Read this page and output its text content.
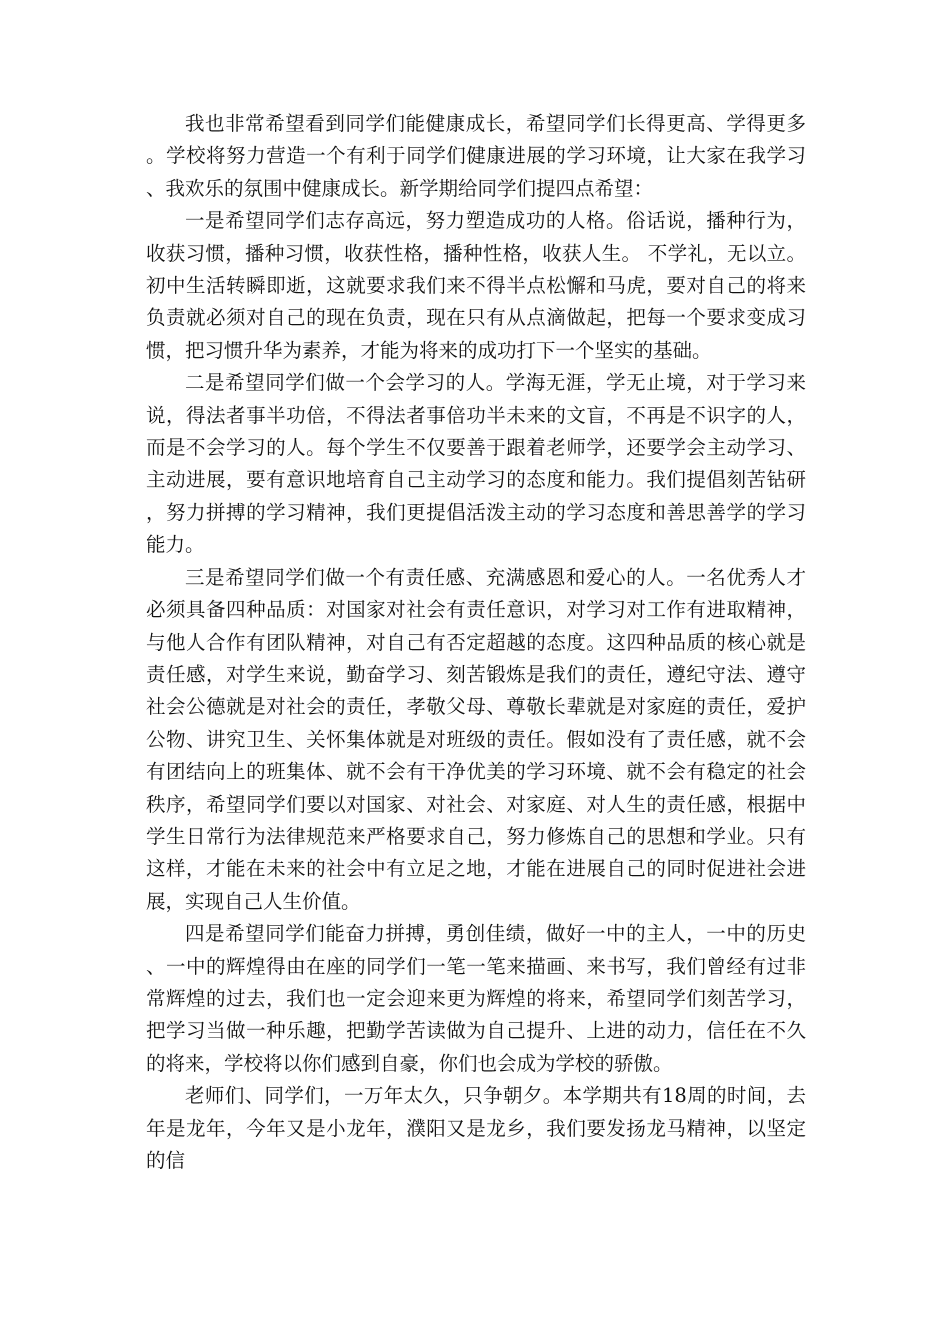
我也非常希望看到同学们能健康成长，希望同学们长得更高、学得更多。学校将努力营造一个有利于同学们健康进展的学习环境，让大家在我学习、我欢乐的氛围中健康成长。新学期给同学们提四点希望：

一是希望同学们志存高远，努力塑造成功的人格。俗话说，播种行为，收获习惯，播种习惯，收获性格，播种性格，收获人生。 不学礼，无以立。初中生活转瞬即逝，这就要求我们来不得半点松懈和马虎，要对自己的将来负责就必须对自己的现在负责，现在只有从点滴做起，把每一个要求变成习惯，把习惯升华为素养，才能为将来的成功打下一个坚实的基础。

二是希望同学们做一个会学习的人。学海无涯，学无止境，对于学习来说，得法者事半功倍，不得法者事倍功半未来的文盲，不再是不识字的人，而是不会学习的人。每个学生不仅要善于跟着老师学，还要学会主动学习、主动进展，要有意识地培育自己主动学习的态度和能力。我们提倡刻苦钻研，努力拼搏的学习精神，我们更提倡活泼主动的学习态度和善思善学的学习能力。

三是希望同学们做一个有责任感、充满感恩和爱心的人。一名优秀人才必须具备四种品质：对国家对社会有责任意识，对学习对工作有进取精神，与他人合作有团队精神，对自己有否定超越的态度。这四种品质的核心就是责任感，对学生来说，勤奋学习、刻苦锻炼是我们的责任，遵纪守法、遵守社会公德就是对社会的责任，孝敬父母、尊敬长辈就是对家庭的责任，爱护公物、讲究卫生、关怀集体就是对班级的责任。假如没有了责任感，就不会有团结向上的班集体、就不会有干净优美的学习环境、就不会有稳定的社会秩序，希望同学们要以对国家、对社会、对家庭、对人生的责任感，根据中学生日常行为法律规范来严格要求自己，努力修炼自己的思想和学业。只有这样，才能在未来的社会中有立足之地，才能在进展自己的同时促进社会进展，实现自己人生价值。

四是希望同学们能奋力拼搏，勇创佳绩，做好一中的主人，一中的历史、一中的辉煌得由在座的同学们一笔一笔来描画、来书写，我们曾经有过非常辉煌的过去，我们也一定会迎来更为辉煌的将来，希望同学们刻苦学习，把学习当做一种乐趣，把勤学苦读做为自己提升、上进的动力，信任在不久的将来，学校将以你们感到自豪，你们也会成为学校的骄傲。

老师们、同学们，一万年太久，只争朝夕。本学期共有18周的时间，去年是龙年，今年又是小龙年，濮阳又是龙乡，我们要发扬龙马精神，以坚定的信
